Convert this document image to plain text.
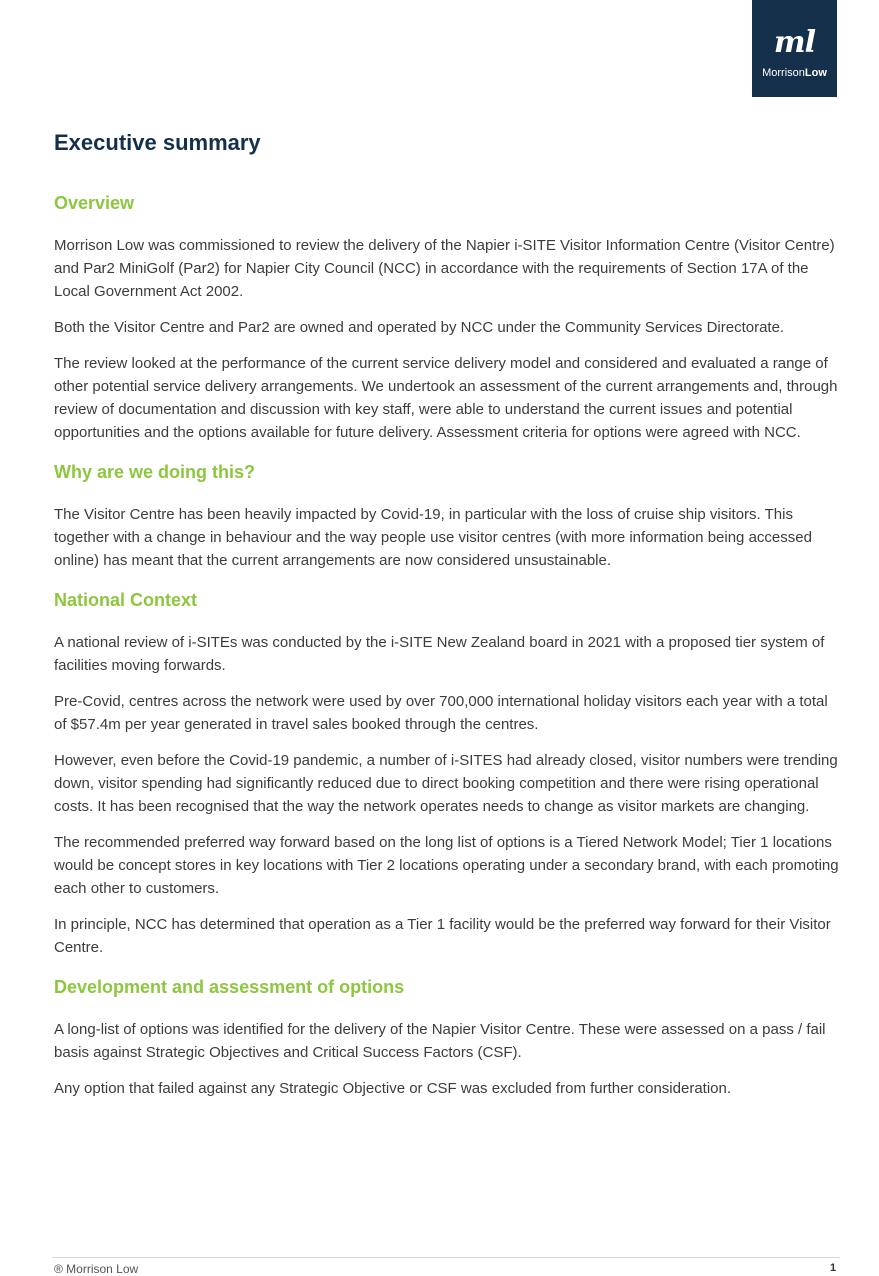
ml
MorrisonLow
Executive summary
Overview

Morrison Low was commissioned to review the delivery of the Napier i-SITE Visitor Information Centre (Visitor Centre) and Par2 MiniGolf (Par2) for Napier City Council (NCC) in accordance with the requirements of Section 17A of the Local Government Act 2002.

Both the Visitor Centre and Par2 are owned and operated by NCC under the Community Services Directorate.

The review looked at the performance of the current service delivery model and considered and evaluated a range of other potential service delivery arrangements. We undertook an assessment of the current arrangements and, through review of documentation and discussion with key staff, were able to understand the current issues and potential opportunities and the options available for future delivery. Assessment criteria for options were agreed with NCC.

Why are we doing this?

The Visitor Centre has been heavily impacted by Covid-19, in particular with the loss of cruise ship visitors. This together with a change in behaviour and the way people use visitor centres (with more information being accessed online) has meant that the current arrangements are now considered unsustainable.

National Context

A national review of i-SITEs was conducted by the i-SITE New Zealand board in 2021 with a proposed tier system of facilities moving forwards.

Pre-Covid, centres across the network were used by over 700,000 international holiday visitors each year with a total of $57.4m per year generated in travel sales booked through the centres.

However, even before the Covid-19 pandemic, a number of i-SITES had already closed, visitor numbers were trending down, visitor spending had significantly reduced due to direct booking competition and there were rising operational costs. It has been recognised that the way the network operates needs to change as visitor markets are changing.

The recommended preferred way forward based on the long list of options is a Tiered Network Model; Tier 1 locations would be concept stores in key locations with Tier 2 locations operating under a secondary brand, with each promoting each other to customers.

In principle, NCC has determined that operation as a Tier 1 facility would be the preferred way forward for their Visitor Centre.

Development and assessment of options

A long-list of options was identified for the delivery of the Napier Visitor Centre. These were assessed on a pass / fail basis against Strategic Objectives and Critical Success Factors (CSF).

Any option that failed against any Strategic Objective or CSF was excluded from further consideration.

® Morrison Low	1
